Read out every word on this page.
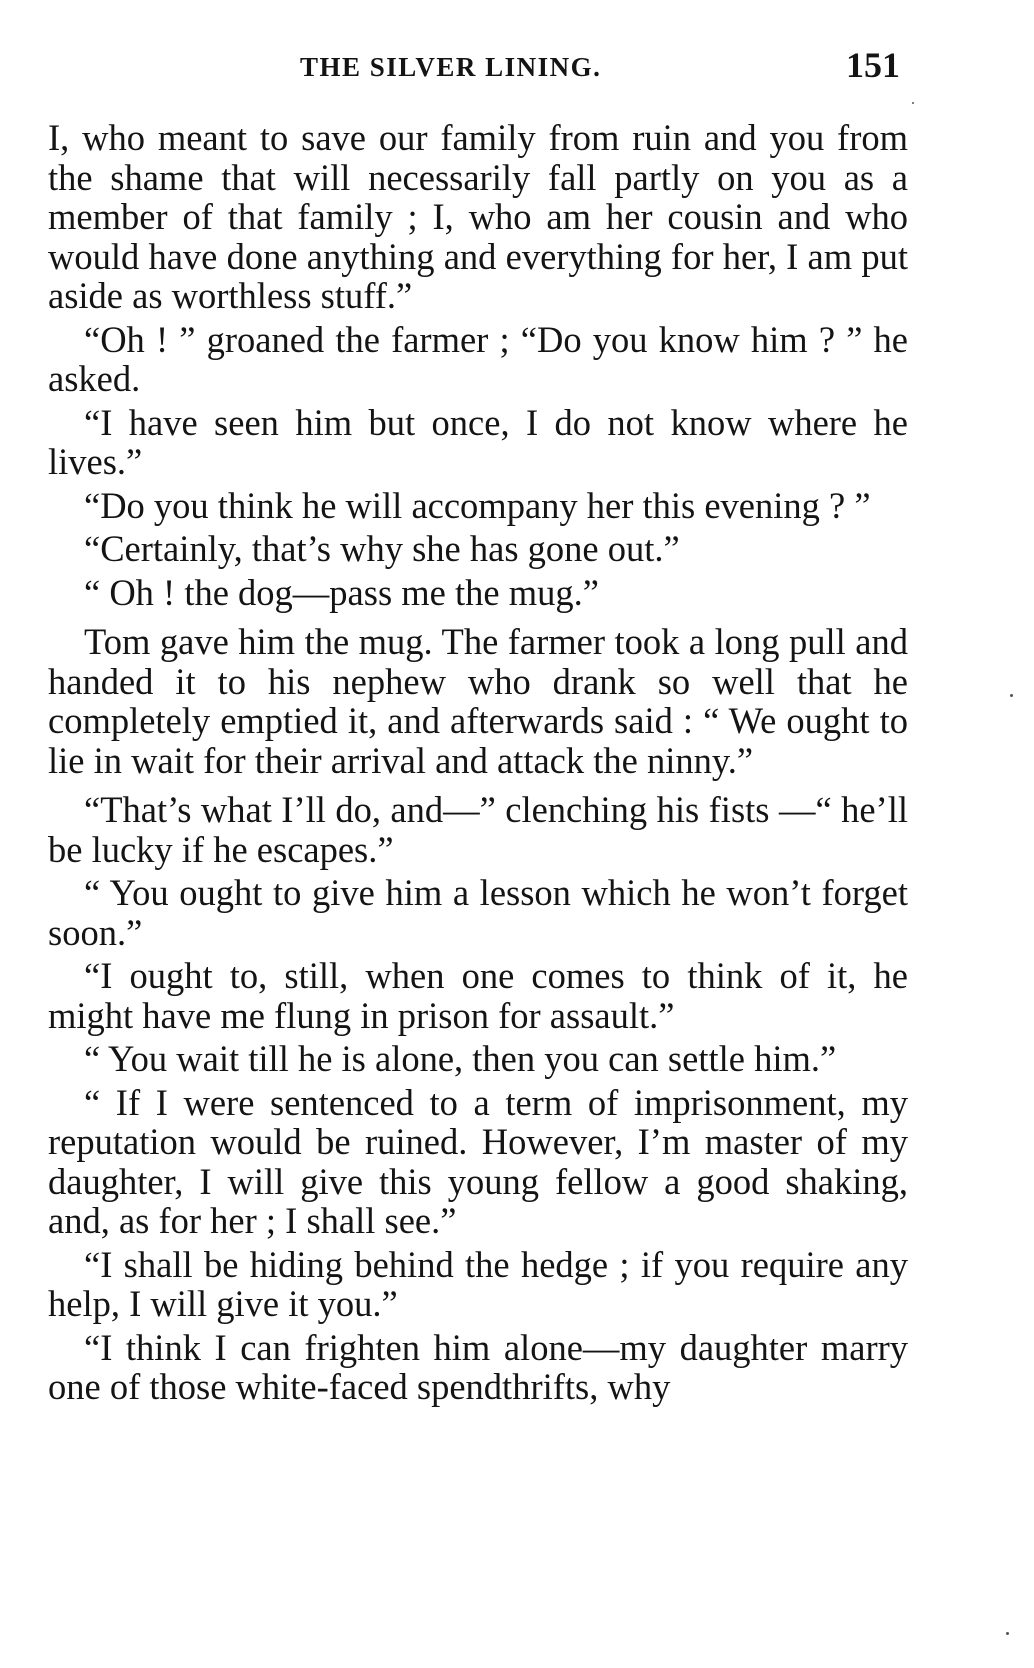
THE SILVER LINING.	151

I, who meant to save our family from ruin and you from the shame that will necessarily fall partly on you as a member of that family ; I, who am her cousin and who would have done anything and everything for her, I am put aside as worthless stuff.”

“Oh ! ” groaned the farmer ; “Do you know him ? ” he asked.

“I have seen him but once, I do not know where he lives.”

“Do you think he will accompany her this evening ? ”

“Certainly, that’s why she has gone out.”

“ Oh ! the dog—pass me the mug.”

Tom gave him the mug. The farmer took a long pull and handed it to his nephew who drank so well that he completely emptied it, and afterwards said : “ We ought to lie in wait for their arrival and attack the ninny.”

“That’s what I’ll do, and—” clenching his fists —“ he’ll be lucky if he escapes.”

“ You ought to give him a lesson which he won’t forget soon.”

“I ought to, still, when one comes to think of it, he might have me flung in prison for assault.”

“ You wait till he is alone, then you can settle him.”

“ If I were sentenced to a term of imprisonment, my reputation would be ruined. However, I’m master of my daughter, I will give this young fellow a good shaking, and, as for her ; I shall see.”

“I shall be hiding behind the hedge ; if you require any help, I will give it you.”

“I think I can frighten him alone—my daughter marry one of those white-faced spendthrifts, why
